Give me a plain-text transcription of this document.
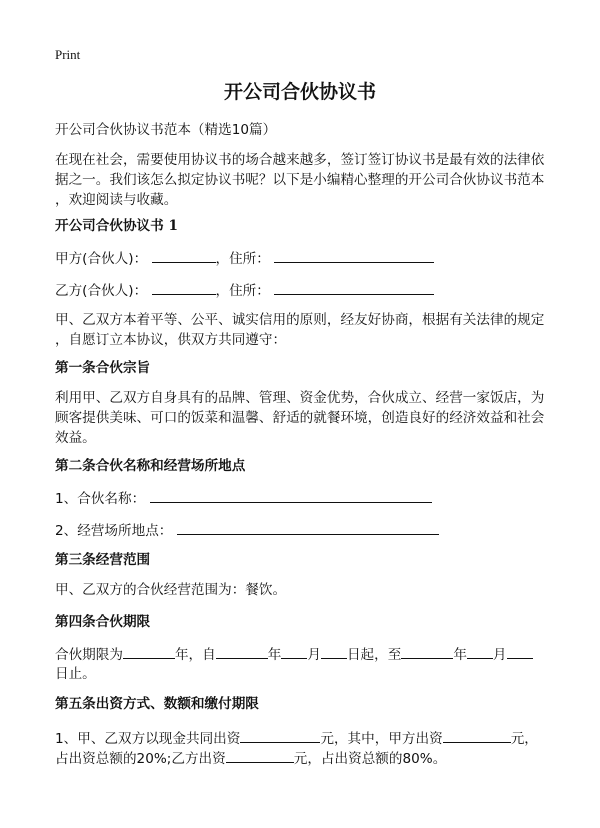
Print
开公司合伙协议书
开公司合伙协议书范本（精选10篇）
在现在社会，需要使用协议书的场合越来越多，签订签订协议书是最有效的法律依
据之一。我们该怎么拟定协议书呢？以下是小编精心整理的开公司合伙协议书范本
，欢迎阅读与收藏。
开公司合伙协议书 1
甲方(合伙人)：	，住所：
乙方(合伙人)：	，住所：
甲、乙双方本着平等、公平、诚实信用的原则，经友好协商，根据有关法律的规定
，自愿订立本协议，供双方共同遵守：
第一条合伙宗旨
利用甲、乙双方自身具有的品牌、管理、资金优势，合伙成立、经营一家饭店，为
顾客提供美味、可口的饭菜和温馨、舒适的就餐环境，创造良好的经济效益和社会
效益。
第二条合伙名称和经营场所地点
1、合伙名称：
2、经营场所地点：
第三条经营范围
甲、乙双方的合伙经营范围为：餐饮。
第四条合伙期限
合伙期限为	年，自	年 月 日起，至	年 月
日止。
第五条出资方式、数额和缴付期限
1、甲、乙双方以现金共同出资	元，其中，甲方出资	元，
占出资总额的20%;乙方出资	元，占出资总额的80%。
